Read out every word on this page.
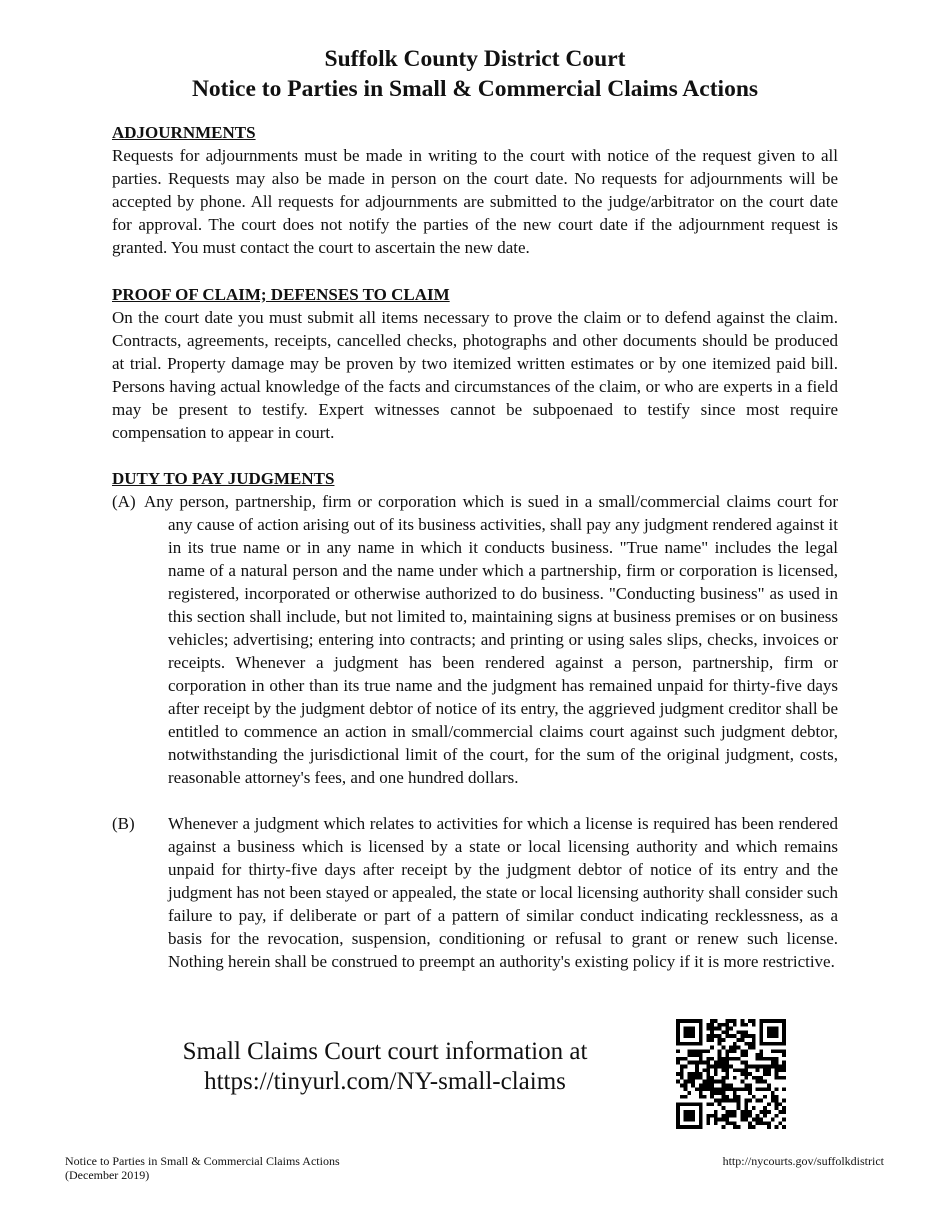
Suffolk County District Court
Notice to Parties in Small & Commercial Claims Actions
ADJOURNMENTS
Requests for adjournments must be made in writing to the court with notice of the request given to all parties. Requests may also be made in person on the court date. No requests for adjournments will be accepted by phone. All requests for adjournments are submitted to the judge/arbitrator on the court date for approval. The court does not notify the parties of the new court date if the adjournment request is granted. You must contact the court to ascertain the new date.
PROOF OF CLAIM; DEFENSES TO CLAIM
On the court date you must submit all items necessary to prove the claim or to defend against the claim. Contracts, agreements, receipts, cancelled checks, photographs and other documents should be produced at trial. Property damage may be proven by two itemized written estimates or by one itemized paid bill. Persons having actual knowledge of the facts and circumstances of the claim, or who are experts in a field may be present to testify. Expert witnesses cannot be subpoenaed to testify since most require compensation to appear in court.
DUTY TO PAY JUDGMENTS
(A) Any person, partnership, firm or corporation which is sued in a small/commercial claims court for any cause of action arising out of its business activities, shall pay any judgment rendered against it in its true name or in any name in which it conducts business. "True name" includes the legal name of a natural person and the name under which a partnership, firm or corporation is licensed, registered, incorporated or otherwise authorized to do business. "Conducting business" as used in this section shall include, but not limited to, maintaining signs at business premises or on business vehicles; advertising; entering into contracts; and printing or using sales slips, checks, invoices or receipts. Whenever a judgment has been rendered against a person, partnership, firm or corporation in other than its true name and the judgment has remained unpaid for thirty-five days after receipt by the judgment debtor of notice of its entry, the aggrieved judgment creditor shall be entitled to commence an action in small/commercial claims court against such judgment debtor, notwithstanding the jurisdictional limit of the court, for the sum of the original judgment, costs, reasonable attorney's fees, and one hundred dollars.
(B) Whenever a judgment which relates to activities for which a license is required has been rendered against a business which is licensed by a state or local licensing authority and which remains unpaid for thirty-five days after receipt by the judgment debtor of notice of its entry and the judgment has not been stayed or appealed, the state or local licensing authority shall consider such failure to pay, if deliberate or part of a pattern of similar conduct indicating recklessness, as a basis for the revocation, suspension, conditioning or refusal to grant or renew such license. Nothing herein shall be construed to preempt an authority's existing policy if it is more restrictive.
Small Claims Court court information at
https://tinyurl.com/NY-small-claims
Notice to Parties in Small & Commercial Claims Actions
(December 2019)
http://nycourts.gov/suffolkdistrict
